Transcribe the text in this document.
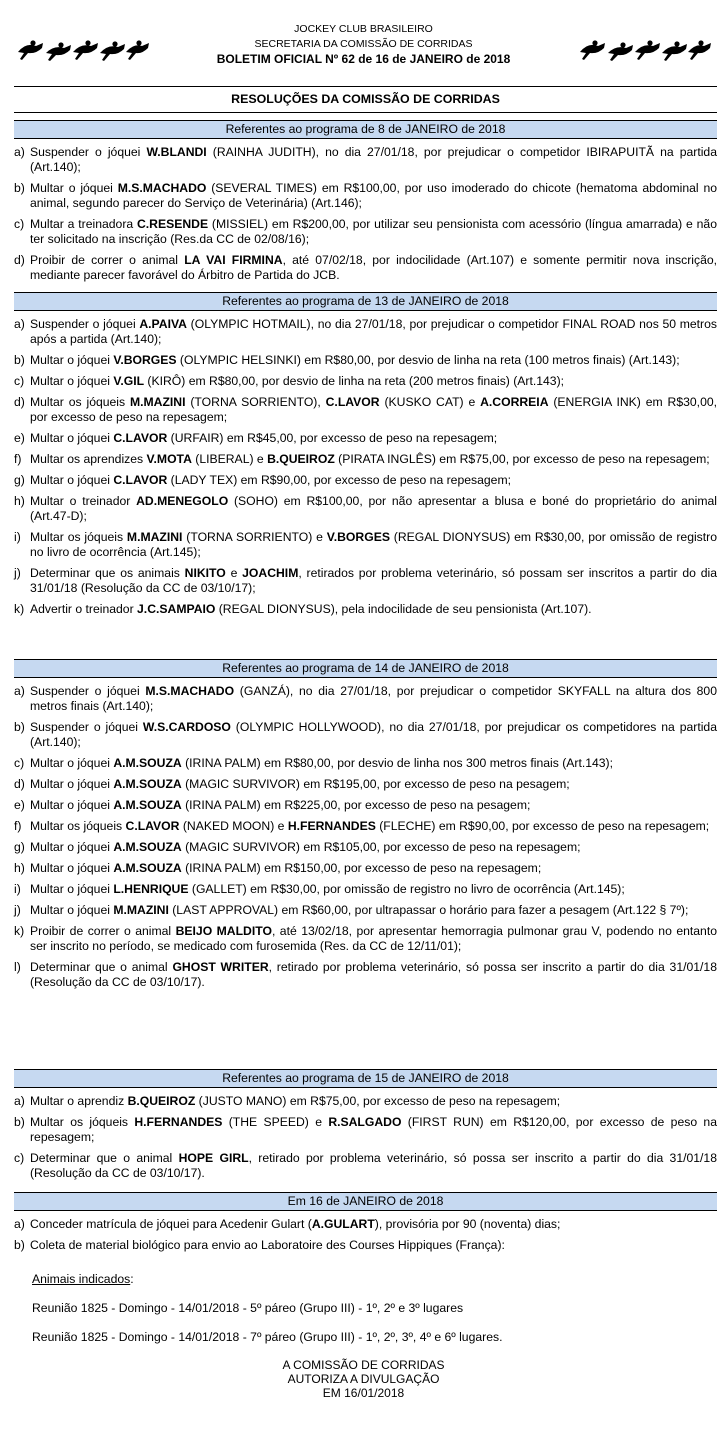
JOCKEY CLUB BRASILEIRO
SECRETARIA DA COMISSÃO DE CORRIDAS
BOLETIM OFICIAL Nº 62 de 16 de JANEIRO de 2018
RESOLUÇÕES DA COMISSÃO DE CORRIDAS
Referentes ao programa de 8 de JANEIRO de 2018
a) Suspender o jóquei W.BLANDI (RAINHA JUDITH), no dia 27/01/18, por prejudicar o competidor IBIRAPUITÃ na partida (Art.140);
b) Multar o jóquei M.S.MACHADO (SEVERAL TIMES) em R$100,00, por uso imoderado do chicote (hematoma abdominal no animal, segundo parecer do Serviço de Veterinária) (Art.146);
c) Multar a treinadora C.RESENDE (MISSIEL) em R$200,00, por utilizar seu pensionista com acessório (língua amarrada) e não ter solicitado na inscrição (Res.da CC de 02/08/16);
d) Proibir de correr o animal LA VAI FIRMINA, até 07/02/18, por indocilidade (Art.107) e somente permitir nova inscrição, mediante parecer favorável do Árbitro de Partida do JCB.
Referentes ao programa de 13 de JANEIRO de 2018
a) Suspender o jóquei A.PAIVA (OLYMPIC HOTMAIL), no dia 27/01/18, por prejudicar o competidor FINAL ROAD nos 50 metros após a partida (Art.140);
b) Multar o jóquei V.BORGES (OLYMPIC HELSINKI) em R$80,00, por desvio de linha na reta (100 metros finais) (Art.143);
c) Multar o jóquei V.GIL (KIRÔ) em R$80,00, por desvio de linha na reta (200 metros finais) (Art.143);
d) Multar os jóqueis M.MAZINI (TORNA SORRIENTO), C.LAVOR (KUSKO CAT) e A.CORREIA (ENERGIA INK) em R$30,00, por excesso de peso na repesagem;
e) Multar o jóquei C.LAVOR (URFAIR) em R$45,00, por excesso de peso na repesagem;
f) Multar os aprendizes V.MOTA (LIBERAL) e B.QUEIROZ (PIRATA INGLÊS) em R$75,00, por excesso de peso na repesagem;
g) Multar o jóquei C.LAVOR (LADY TEX) em R$90,00, por excesso de peso na repesagem;
h) Multar o treinador AD.MENEGOLO (SOHO) em R$100,00, por não apresentar a blusa e boné do proprietário do animal (Art.47-D);
i) Multar os jóqueis M.MAZINI (TORNA SORRIENTO) e V.BORGES (REGAL DIONYSUS) em R$30,00, por omissão de registro no livro de ocorrência (Art.145);
j) Determinar que os animais NIKITO e JOACHIM, retirados por problema veterinário, só possam ser inscritos a partir do dia 31/01/18 (Resolução da CC de 03/10/17);
k) Advertir o treinador J.C.SAMPAIO (REGAL DIONYSUS), pela indocilidade de seu pensionista (Art.107).
Referentes ao programa de 14 de JANEIRO de 2018
a) Suspender o jóquei M.S.MACHADO (GANZÁ), no dia 27/01/18, por prejudicar o competidor SKYFALL na altura dos 800 metros finais (Art.140);
b) Suspender o jóquei W.S.CARDOSO (OLYMPIC HOLLYWOOD), no dia 27/01/18, por prejudicar os competidores na partida (Art.140);
c) Multar o jóquei A.M.SOUZA (IRINA PALM) em R$80,00, por desvio de linha nos 300 metros finais (Art.143);
d) Multar o jóquei A.M.SOUZA (MAGIC SURVIVOR) em R$195,00, por excesso de peso na pesagem;
e) Multar o jóquei A.M.SOUZA (IRINA PALM) em R$225,00, por excesso de peso na pesagem;
f) Multar os jóqueis C.LAVOR (NAKED MOON) e H.FERNANDES (FLECHE) em R$90,00, por excesso de peso na repesagem;
g) Multar o jóquei A.M.SOUZA (MAGIC SURVIVOR) em R$105,00, por excesso de peso na repesagem;
h) Multar o jóquei A.M.SOUZA (IRINA PALM) em R$150,00, por excesso de peso na repesagem;
i) Multar o jóquei L.HENRIQUE (GALLET) em R$30,00, por omissão de registro no livro de ocorrência (Art.145);
j) Multar o jóquei M.MAZINI (LAST APPROVAL) em R$60,00, por ultrapassar o horário para fazer a pesagem (Art.122 § 7º);
k) Proibir de correr o animal BEIJO MALDITO, até 13/02/18, por apresentar hemorragia pulmonar grau V, podendo no entanto ser inscrito no período, se medicado com furosemida (Res. da CC de 12/11/01);
l) Determinar que o animal GHOST WRITER, retirado por problema veterinário, só possa ser inscrito a partir do dia 31/01/18 (Resolução da CC de 03/10/17).
Referentes ao programa de 15 de JANEIRO de 2018
a) Multar o aprendiz B.QUEIROZ (JUSTO MANO) em R$75,00, por excesso de peso na repesagem;
b) Multar os jóqueis H.FERNANDES (THE SPEED) e R.SALGADO (FIRST RUN) em R$120,00, por excesso de peso na repesagem;
c) Determinar que o animal HOPE GIRL, retirado por problema veterinário, só possa ser inscrito a partir do dia 31/01/18 (Resolução da CC de 03/10/17).
Em 16 de JANEIRO de 2018
a) Conceder matrícula de jóquei para Acedenir Gulart (A.GULART), provisória por 90 (noventa) dias;
b) Coleta de material biológico para envio ao Laboratoire des Courses Hippiques (França):
Animais indicados:
Reunião 1825 - Domingo - 14/01/2018 - 5º páreo (Grupo III) - 1º, 2º e 3º lugares
Reunião 1825 - Domingo - 14/01/2018 - 7º páreo (Grupo III) - 1º, 2º, 3º, 4º e 6º lugares.
A COMISSÃO DE CORRIDAS
AUTORIZA A DIVULGAÇÃO
EM 16/01/2018
